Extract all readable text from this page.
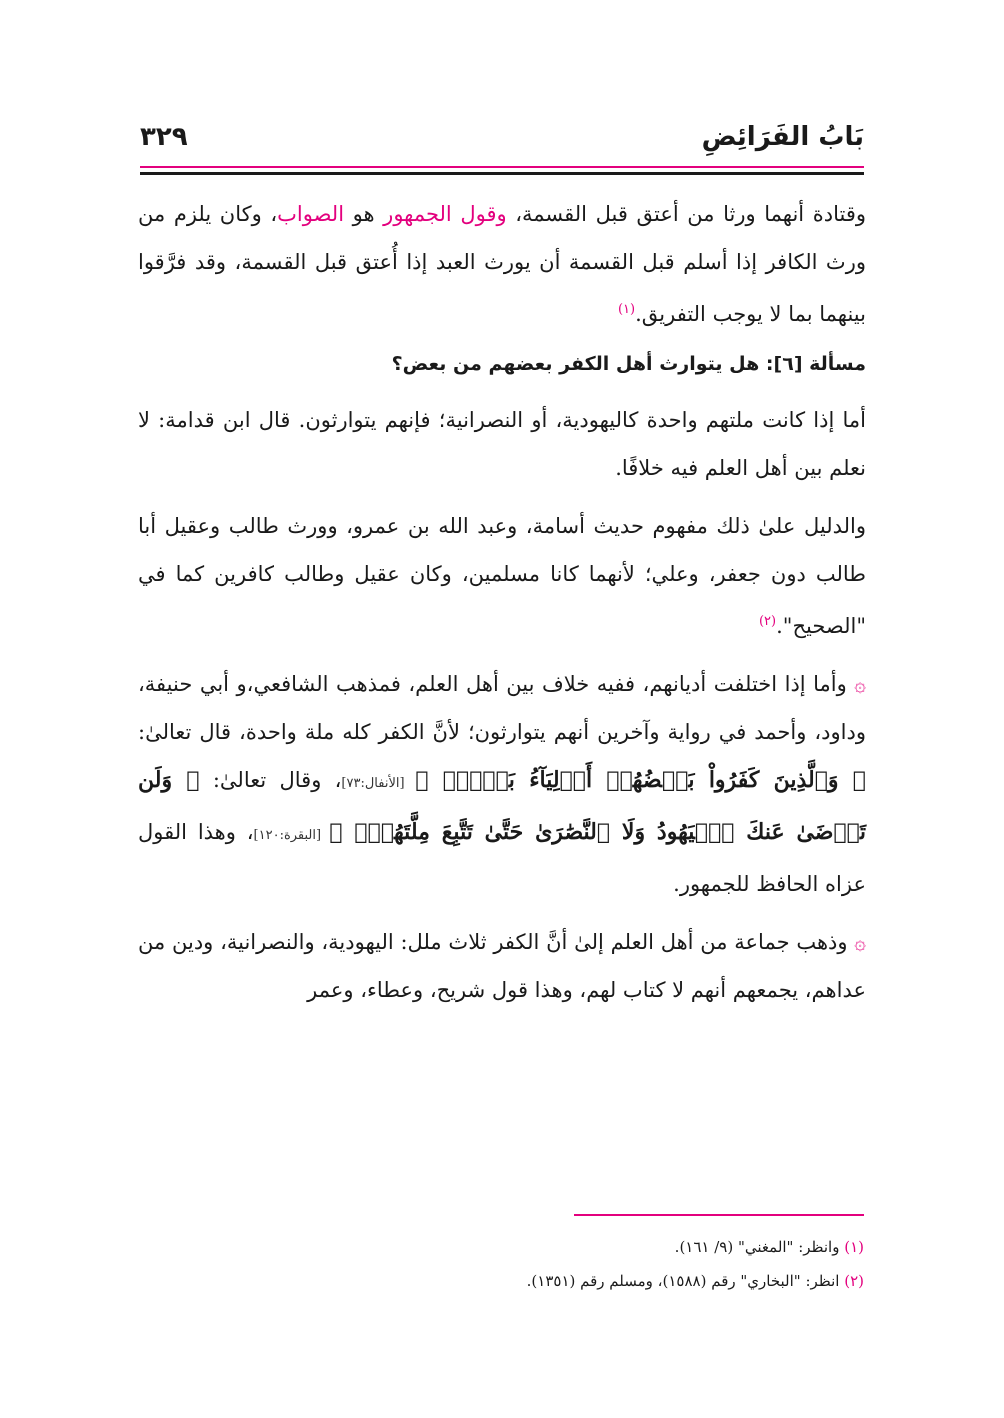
بَابُ الفَرَائِضِ
٣٢٩

وقتادة أنهما ورثا من أعتق قبل القسمة، وقول الجمهور هو الصواب، وكان يلزم من ورث الكافر إذا أسلم قبل القسمة أن يورث العبد إذا أُعتق قبل القسمة، وقد فرَّقوا بينهما بما لا يوجب التفريق.$^{(١)}$

مسألة [٦]: هل يتوارث أهل الكفر بعضهم من بعض؟

أما إذا كانت ملتهم واحدة كاليهودية، أو النصرانية؛ فإنهم يتوارثون. قال ابن قدامة: لا نعلم بين أهل العلم فيه خلافًا.

والدليل علىٰ ذلك مفهوم حديث أسامة، وعبد الله بن عمرو، وورث طالب وعقيل أبا طالب دون جعفر، وعلي؛ لأنهما كانا مسلمين، وكان عقيل وطالب كافرين كما في "الصحيح".$^{(٢)}$

۞ وأما إذا اختلفت أديانهم، ففيه خلاف بين أهل العلم، فمذهب الشافعي،و أبي حنيفة، وداود، وأحمد في رواية وآخرين أنهم يتوارثون؛ لأنَّ الكفر كله ملة واحدة، قال تعالىٰ: ﴿ وَٱلَّذِينَ كَفَرُواْ بَعۡضُهُمۡ أَوۡلِيَآءُ بَعۡضٍۚ ﴾ [الأنفال:٧٣]، وقال تعالىٰ: ﴿ وَلَن تَرۡضَىٰ عَنكَ ٱلۡيَهُودُ وَلَا ٱلنَّصَٰرَىٰ حَتَّىٰ تَتَّبِعَ مِلَّتَهُمۡۗ ﴾ [البقرة:١٢٠]، وهذا القول عزاه الحافظ للجمهور.

۞ وذهب جماعة من أهل العلم إلىٰ أنَّ الكفر ثلاث ملل: اليهودية، والنصرانية، ودين من عداهم، يجمعهم أنهم لا كتاب لهم، وهذا قول شريح، وعطاء، وعمر

(١) وانظر: "المغني" (٩/ ١٦١).
(٢) انظر: "البخاري" رقم (١٥٨٨)، ومسلم رقم (١٣٥١).
